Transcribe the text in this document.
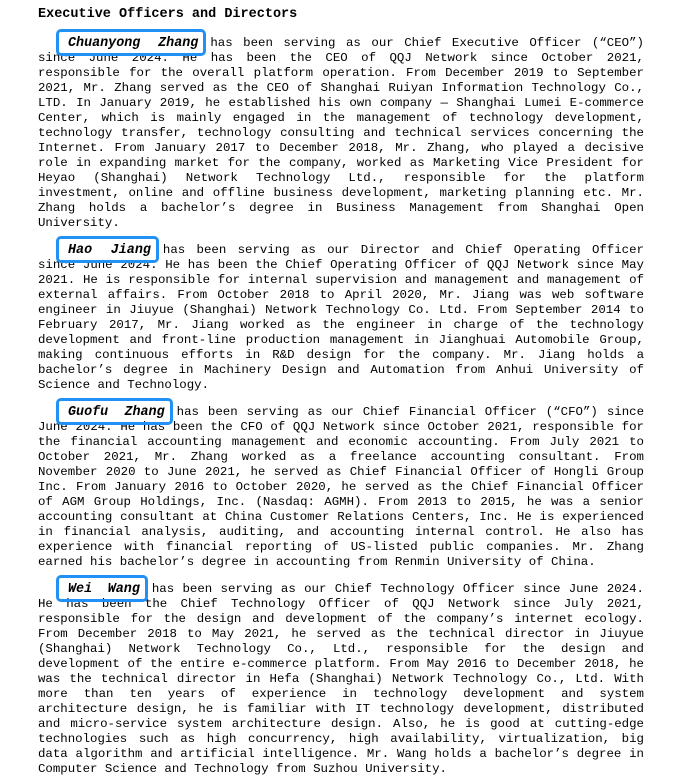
Executive Officers and Directors

Chuanyong Zhang has been serving as our Chief Executive Officer (“CEO”) since June 2024. He has been the CEO of QQJ Network since October 2021, responsible for the overall platform operation. From December 2019 to September 2021, Mr. Zhang served as the CEO of Shanghai Ruiyan Information Technology Co., LTD. In January 2019, he established his own company — Shanghai Lumei E-commerce Center, which is mainly engaged in the management of technology development, technology transfer, technology consulting and technical services concerning the Internet. From January 2017 to December 2018, Mr. Zhang, who played a decisive role in expanding market for the company, worked as Marketing Vice President for Heyao (Shanghai) Network Technology Ltd., responsible for the platform investment, online and offline business development, marketing planning etc. Mr. Zhang holds a bachelor’s degree in Business Management from Shanghai Open University.

Hao Jiang has been serving as our Director and Chief Operating Officer since June 2024. He has been the Chief Operating Officer of QQJ Network since May 2021. He is responsible for internal supervision and management and management of external affairs. From October 2018 to April 2020, Mr. Jiang was web software engineer in Jiuyue (Shanghai) Network Technology Co. Ltd. From September 2014 to February 2017, Mr. Jiang worked as the engineer in charge of the technology development and front-line production management in Jianghuai Automobile Group, making continuous efforts in R&D design for the company. Mr. Jiang holds a bachelor’s degree in Machinery Design and Automation from Anhui University of Science and Technology.

Guofu Zhang has been serving as our Chief Financial Officer (“CFO”) since June 2024. He has been the CFO of QQJ Network since October 2021, responsible for the financial accounting management and economic accounting. From July 2021 to October 2021, Mr. Zhang worked as a freelance accounting consultant. From November 2020 to June 2021, he served as Chief Financial Officer of Hongli Group Inc. From January 2016 to October 2020, he served as the Chief Financial Officer of AGM Group Holdings, Inc. (Nasdaq: AGMH). From 2013 to 2015, he was a senior accounting consultant at China Customer Relations Centers, Inc. He is experienced in financial analysis, auditing, and accounting internal control. He also has experience with financial reporting of US-listed public companies. Mr. Zhang earned his bachelor’s degree in accounting from Renmin University of China.

Wei Wang has been serving as our Chief Technology Officer since June 2024. He has been the Chief Technology Officer of QQJ Network since July 2021, responsible for the design and development of the company’s internet ecology. From December 2018 to May 2021, he served as the technical director in Jiuyue (Shanghai) Network Technology Co., Ltd., responsible for the design and development of the entire e-commerce platform. From May 2016 to December 2018, he was the technical director in Hefa (Shanghai) Network Technology Co., Ltd. With more than ten years of experience in technology development and system architecture design, he is familiar with IT technology development, distributed and micro-service system architecture design. Also, he is good at cutting-edge technologies such as high concurrency, high availability, virtualization, big data algorithm and artificial intelligence. Mr. Wang holds a bachelor’s degree in Computer Science and Technology from Suzhou University.
